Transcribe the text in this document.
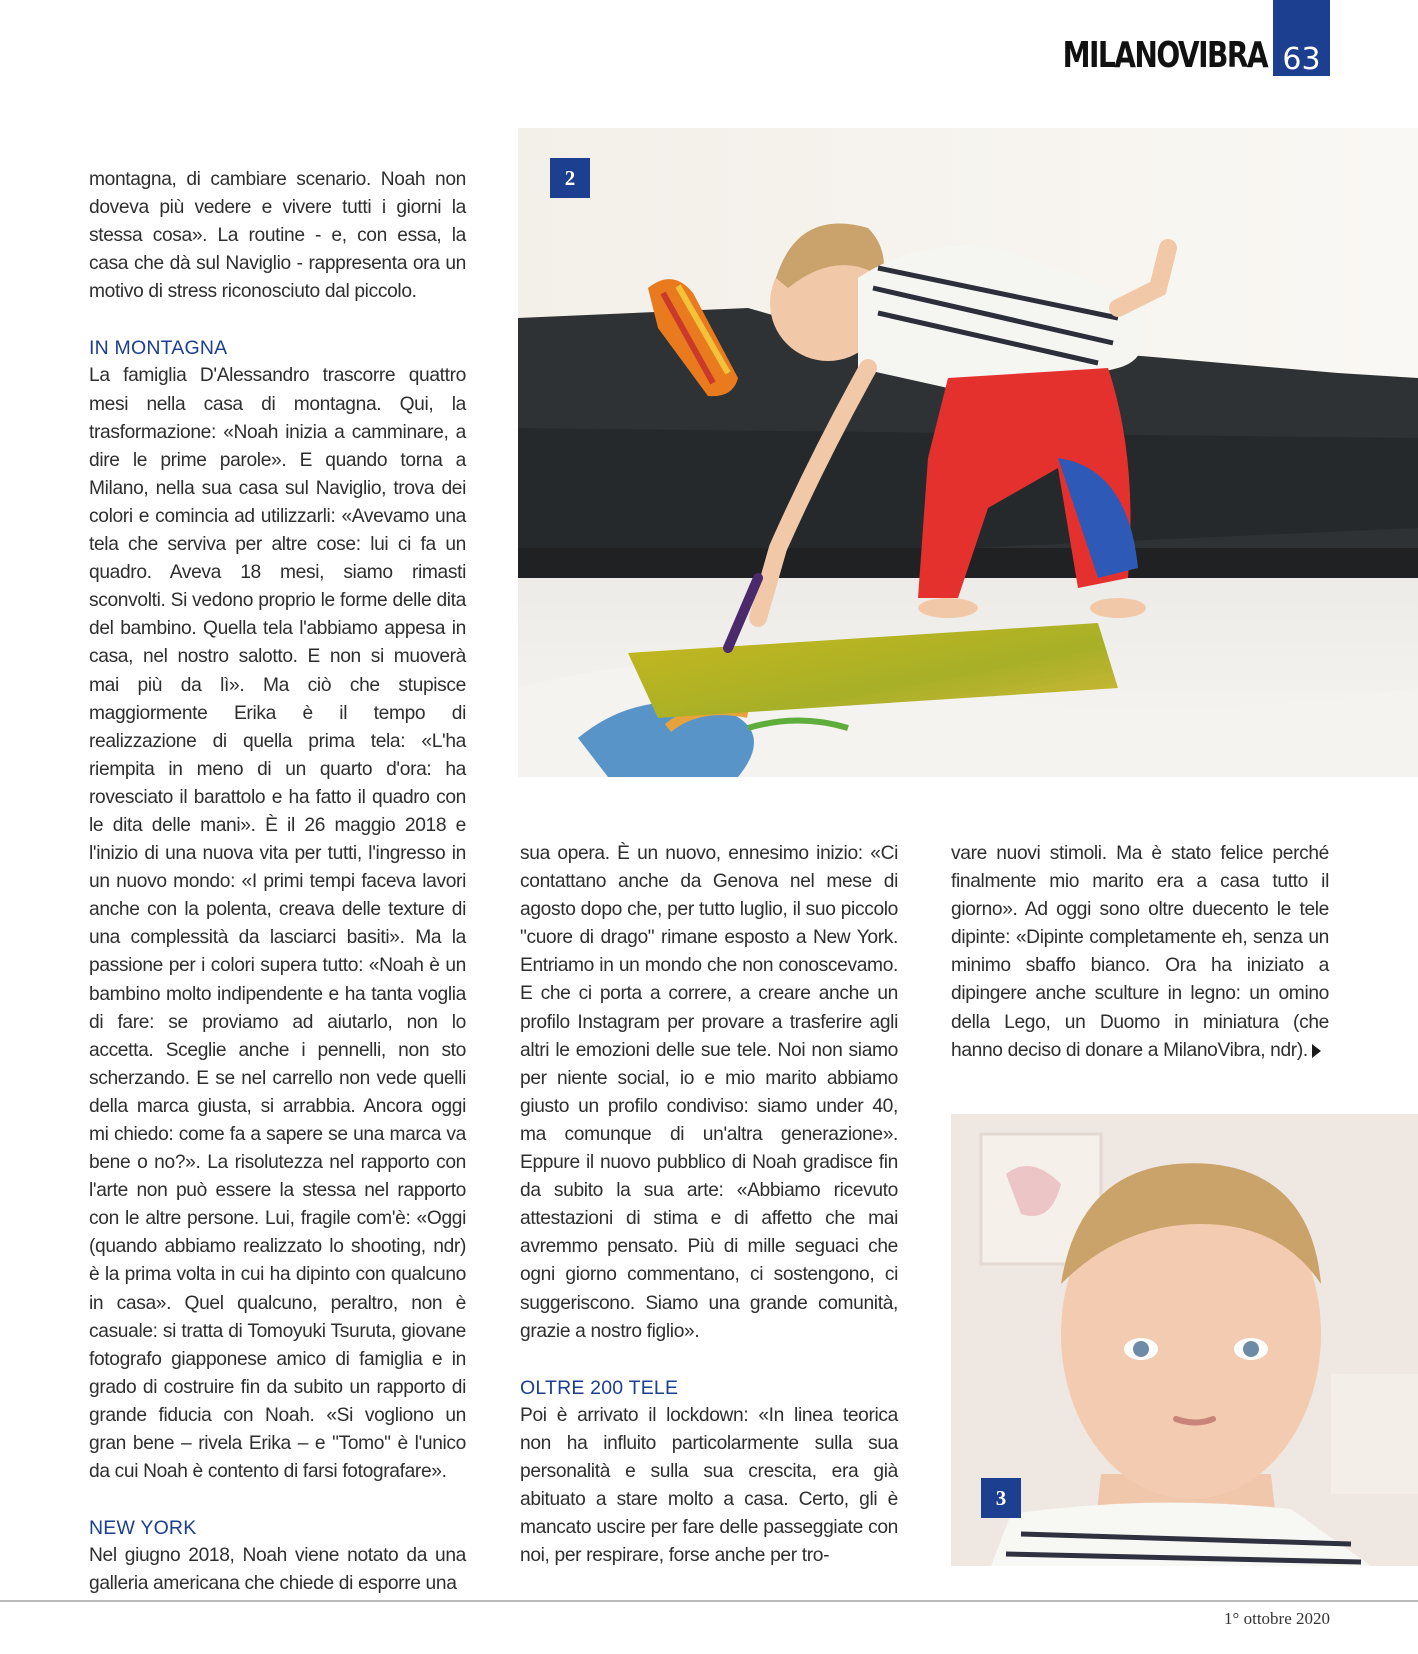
MILANOVIBRA 63
2
3

montagna, di cambiare scenario. Noah non doveva più vedere e vivere tutti i giorni la stessa cosa». La routine - e, con essa, la casa che dà sul Naviglio - rappresenta ora un motivo di stress riconosciuto dal piccolo.

IN MONTAGNA

La famiglia D'Alessandro trascorre quattro mesi nella casa di montagna. Qui, la trasformazione: «Noah inizia a camminare, a dire le prime parole». E quando torna a Milano, nella sua casa sul Naviglio, trova dei colori e comincia ad utilizzarli: «Avevamo una tela che serviva per altre cose: lui ci fa un quadro. Aveva 18 mesi, siamo rimasti sconvolti. Si vedono proprio le forme delle dita del bambino. Quella tela l'abbiamo appesa in casa, nel nostro salotto. E non si muoverà mai più da lì». Ma ciò che stupisce maggiormente Erika è il tempo di realizzazione di quella prima tela: «L'ha riempita in meno di un quarto d'ora: ha rovesciato il barattolo e ha fatto il quadro con le dita delle mani». È il 26 maggio 2018 e l'inizio di una nuova vita per tutti, l'ingresso in un nuovo mondo: «I primi tempi faceva lavori anche con la polenta, creava delle texture di una complessità da lasciarci basiti». Ma la passione per i colori supera tutto: «Noah è un bambino molto indipendente e ha tanta voglia di fare: se proviamo ad aiutarlo, non lo accetta. Sceglie anche i pennelli, non sto scherzando. E se nel carrello non vede quelli della marca giusta, si arrabbia. Ancora oggi mi chiedo: come fa a sapere se una marca va bene o no?». La risolutezza nel rapporto con l'arte non può essere la stessa nel rapporto con le altre persone. Lui, fragile com'è: «Oggi (quando abbiamo realizzato lo shooting, ndr) è la prima volta in cui ha dipinto con qualcuno in casa». Quel qualcuno, peraltro, non è casuale: si tratta di Tomoyuki Tsuruta, giovane fotografo giapponese amico di famiglia e in grado di costruire fin da subito un rapporto di grande fiducia con Noah. «Si vogliono un gran bene – rivela Erika – e "Tomo" è l'unico da cui Noah è contento di farsi fotografare».

NEW YORK

Nel giugno 2018, Noah viene notato da una galleria americana che chiede di esporre una

sua opera. È un nuovo, ennesimo inizio: «Ci contattano anche da Genova nel mese di agosto dopo che, per tutto luglio, il suo piccolo "cuore di drago" rimane esposto a New York. Entriamo in un mondo che non conoscevamo. E che ci porta a correre, a creare anche un profilo Instagram per provare a trasferire agli altri le emozioni delle sue tele. Noi non siamo per niente social, io e mio marito abbiamo giusto un profilo condiviso: siamo under 40, ma comunque di un'altra generazione». Eppure il nuovo pubblico di Noah gradisce fin da subito la sua arte: «Abbiamo ricevuto attestazioni di stima e di affetto che mai avremmo pensato. Più di mille seguaci che ogni giorno commentano, ci sostengono, ci suggeriscono. Siamo una grande comunità, grazie a nostro figlio».

OLTRE 200 TELE

Poi è arrivato il lockdown: «In linea teorica non ha influito particolarmente sulla sua personalità e sulla sua crescita, era già abituato a stare molto a casa. Certo, gli è mancato uscire per fare delle passeggiate con noi, per respirare, forse anche per tro-

vare nuovi stimoli. Ma è stato felice perché finalmente mio marito era a casa tutto il giorno». Ad oggi sono oltre duecento le tele dipinte: «Dipinte completamente eh, senza un minimo sbaffo bianco. Ora ha iniziato a dipingere anche sculture in legno: un omino della Lego, un Duomo in miniatura (che hanno deciso di donare a MilanoVibra, ndr).

1° ottobre 2020
